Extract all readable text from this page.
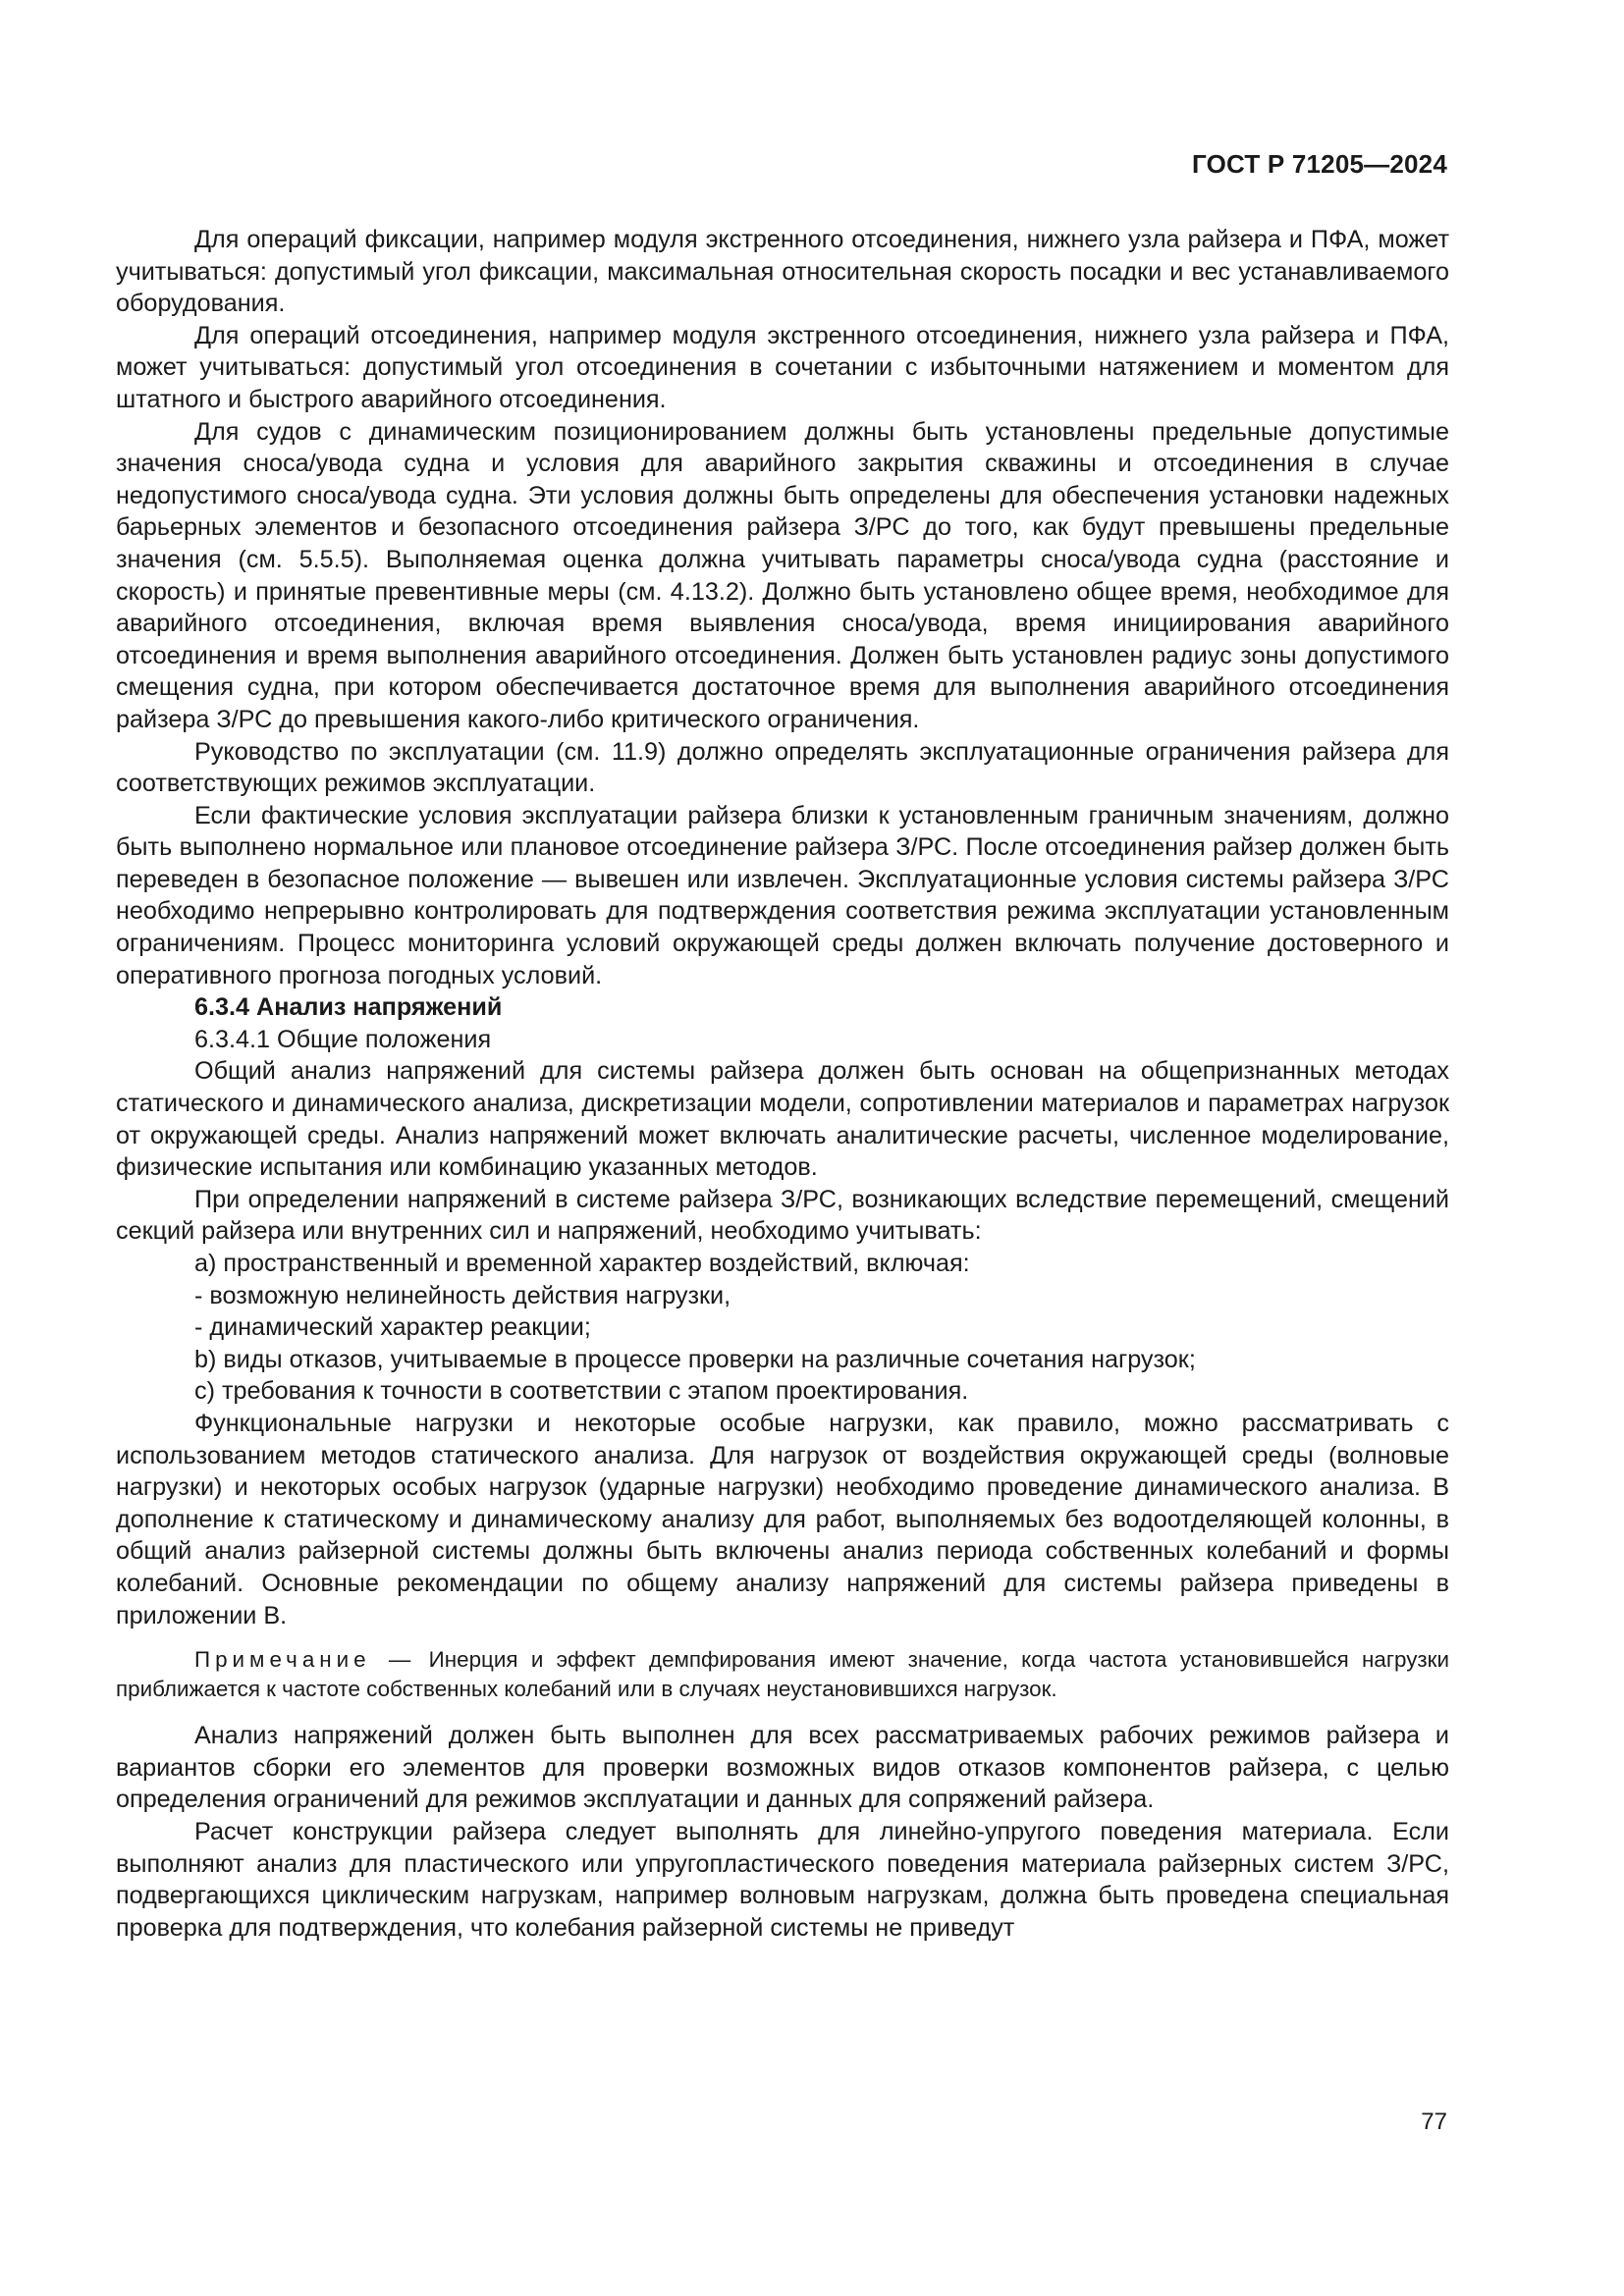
ГОСТ Р 71205—2024

Для операций фиксации, например модуля экстренного отсоединения, нижнего узла райзера и ПФА, может учитываться: допустимый угол фиксации, максимальная относительная скорость посадки и вес устанавливаемого оборудования.

Для операций отсоединения, например модуля экстренного отсоединения, нижнего узла райзера и ПФА, может учитываться: допустимый угол отсоединения в сочетании с избыточными натяжением и моментом для штатного и быстрого аварийного отсоединения.

Для судов с динамическим позиционированием должны быть установлены предельные допустимые значения сноса/увода судна и условия для аварийного закрытия скважины и отсоединения в случае недопустимого сноса/увода судна. Эти условия должны быть определены для обеспечения установки надежных барьерных элементов и безопасного отсоединения райзера З/РС до того, как будут превышены предельные значения (см. 5.5.5). Выполняемая оценка должна учитывать параметры сноса/увода судна (расстояние и скорость) и принятые превентивные меры (см. 4.13.2). Должно быть установлено общее время, необходимое для аварийного отсоединения, включая время выявления сноса/увода, время инициирования аварийного отсоединения и время выполнения аварийного отсоединения. Должен быть установлен радиус зоны допустимого смещения судна, при котором обеспечивается достаточное время для выполнения аварийного отсоединения райзера З/РС до превышения какого-либо критического ограничения.

Руководство по эксплуатации (см. 11.9) должно определять эксплуатационные ограничения райзера для соответствующих режимов эксплуатации.

Если фактические условия эксплуатации райзера близки к установленным граничным значениям, должно быть выполнено нормальное или плановое отсоединение райзера З/РС. После отсоединения райзер должен быть переведен в безопасное положение — вывешен или извлечен. Эксплуатационные условия системы райзера З/РС необходимо непрерывно контролировать для подтверждения соответствия режима эксплуатации установленным ограничениям. Процесс мониторинга условий окружающей среды должен включать получение достоверного и оперативного прогноза погодных условий.

6.3.4 Анализ напряжений

6.3.4.1 Общие положения

Общий анализ напряжений для системы райзера должен быть основан на общепризнанных методах статического и динамического анализа, дискретизации модели, сопротивлении материалов и параметрах нагрузок от окружающей среды. Анализ напряжений может включать аналитические расчеты, численное моделирование, физические испытания или комбинацию указанных методов.

При определении напряжений в системе райзера З/РС, возникающих вследствие перемещений, смещений секций райзера или внутренних сил и напряжений, необходимо учитывать:

a) пространственный и временной характер воздействий, включая:

- возможную нелинейность действия нагрузки,

- динамический характер реакции;

b) виды отказов, учитываемые в процессе проверки на различные сочетания нагрузок;

c) требования к точности в соответствии с этапом проектирования.

Функциональные нагрузки и некоторые особые нагрузки, как правило, можно рассматривать с использованием методов статического анализа. Для нагрузок от воздействия окружающей среды (волновые нагрузки) и некоторых особых нагрузок (ударные нагрузки) необходимо проведение динамического анализа. В дополнение к статическому и динамическому анализу для работ, выполняемых без водоотделяющей колонны, в общий анализ райзерной системы должны быть включены анализ периода собственных колебаний и формы колебаний. Основные рекомендации по общему анализу напряжений для системы райзера приведены в приложении В.

Примечание — Инерция и эффект демпфирования имеют значение, когда частота установившейся нагрузки приближается к частоте собственных колебаний или в случаях неустановившихся нагрузок.

Анализ напряжений должен быть выполнен для всех рассматриваемых рабочих режимов райзера и вариантов сборки его элементов для проверки возможных видов отказов компонентов райзера, с целью определения ограничений для режимов эксплуатации и данных для сопряжений райзера.

Расчет конструкции райзера следует выполнять для линейно-упругого поведения материала. Если выполняют анализ для пластического или упругопластического поведения материала райзерных систем З/РС, подвергающихся циклическим нагрузкам, например волновым нагрузкам, должна быть проведена специальная проверка для подтверждения, что колебания райзерной системы не приведут

77
